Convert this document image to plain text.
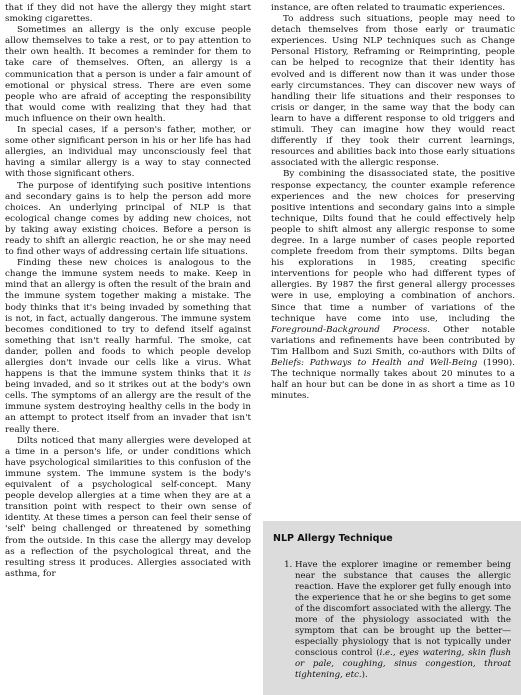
that if they did not have the allergy they might start smoking cigarettes.

Sometimes an allergy is the only excuse people allow themselves to take a rest, or to pay attention to their own health. It becomes a reminder for them to take care of themselves. Often, an allergy is a communication that a person is under a fair amount of emotional or physical stress. There are even some people who are afraid of accepting the responsibility that would come with realizing that they had that much influence on their own health.

In special cases, if a person's father, mother, or some other significant person in his or her life has had allergies, an individual may unconsciously feel that having a similar allergy is a way to stay connected with those significant others.

The purpose of identifying such positive intentions and secondary gains is to help the person add more choices. An underlying principal of NLP is that ecological change comes by adding new choices, not by taking away existing choices. Before a person is ready to shift an allergic reaction, he or she may need to find other ways of addressing certain life situations.

Finding these new choices is analogous to the change the immune system needs to make. Keep in mind that an allergy is often the result of the brain and the immune system together making a mistake. The body thinks that it's being invaded by something that is not, in fact, actually dangerous. The immune system becomes conditioned to try to defend itself against something that isn't really harmful. The smoke, cat dander, pollen and foods to which people develop allergies don't invade our cells like a virus. What happens is that the immune system thinks that it is being invaded, and so it strikes out at the body's own cells. The symptoms of an allergy are the result of the immune system destroying healthy cells in the body in an attempt to protect itself from an invader that isn't really there.

Dilts noticed that many allergies were developed at a time in a person's life, or under conditions which have psychological similarities to this confusion of the immune system. The immune system is the body's equivalent of a psychological self-concept. Many people develop allergies at a time when they are at a transition point with respect to their own sense of identity. At these times a person can feel their sense of 'self' being challenged or threatened by something from the outside. In this case the allergy may develop as a reflection of the psychological threat, and the resulting stress it produces. Allergies associated with asthma, for

instance, are often related to traumatic experiences.

To address such situations, people may need to detach themselves from those early or traumatic experiences. Using NLP techniques such as Change Personal History, Reframing or Reimprinting, people can be helped to recognize that their identity has evolved and is different now than it was under those early circumstances. They can discover new ways of handling their life situations and their responses to crisis or danger, in the same way that the body can learn to have a different response to old triggers and stimuli. They can imagine how they would react differently if they took their current learnings, resources and abilities back into those early situations associated with the allergic response.

By combining the disassociated state, the positive response expectancy, the counter example reference experiences and the new choices for preserving positive intentions and secondary gains into a simple technique, Dilts found that he could effectively help people to shift almost any allergic response to some degree. In a large number of cases people reported complete freedom from their symptoms. Dilts began his explorations in 1985, creating specific interventions for people who had different types of allergies. By 1987 the first general allergy processes were in use, employing a combination of anchors. Since that time a number of variations of the technique have come into use, including the Foreground-Background Process. Other notable variations and refinements have been contributed by Tim Hallbom and Suzi Smith, co-authors with Dilts of Beliefs: Pathways to Health and Well-Being (1990). The technique normally takes about 20 minutes to a half an hour but can be done in as short a time as 10 minutes.

NLP Allergy Technique
1. Have the explorer imagine or remember being near the substance that causes the allergic reaction. Have the explorer get fully enough into the experience that he or she begins to get some of the discomfort associated with the allergy. The more of the physiology associated with the symptom that can be brought up the better—especially physiology that is not typically under conscious control (i.e., eyes watering, skin flush or pale, coughing, sinus congestion, throat tightening, etc.).
